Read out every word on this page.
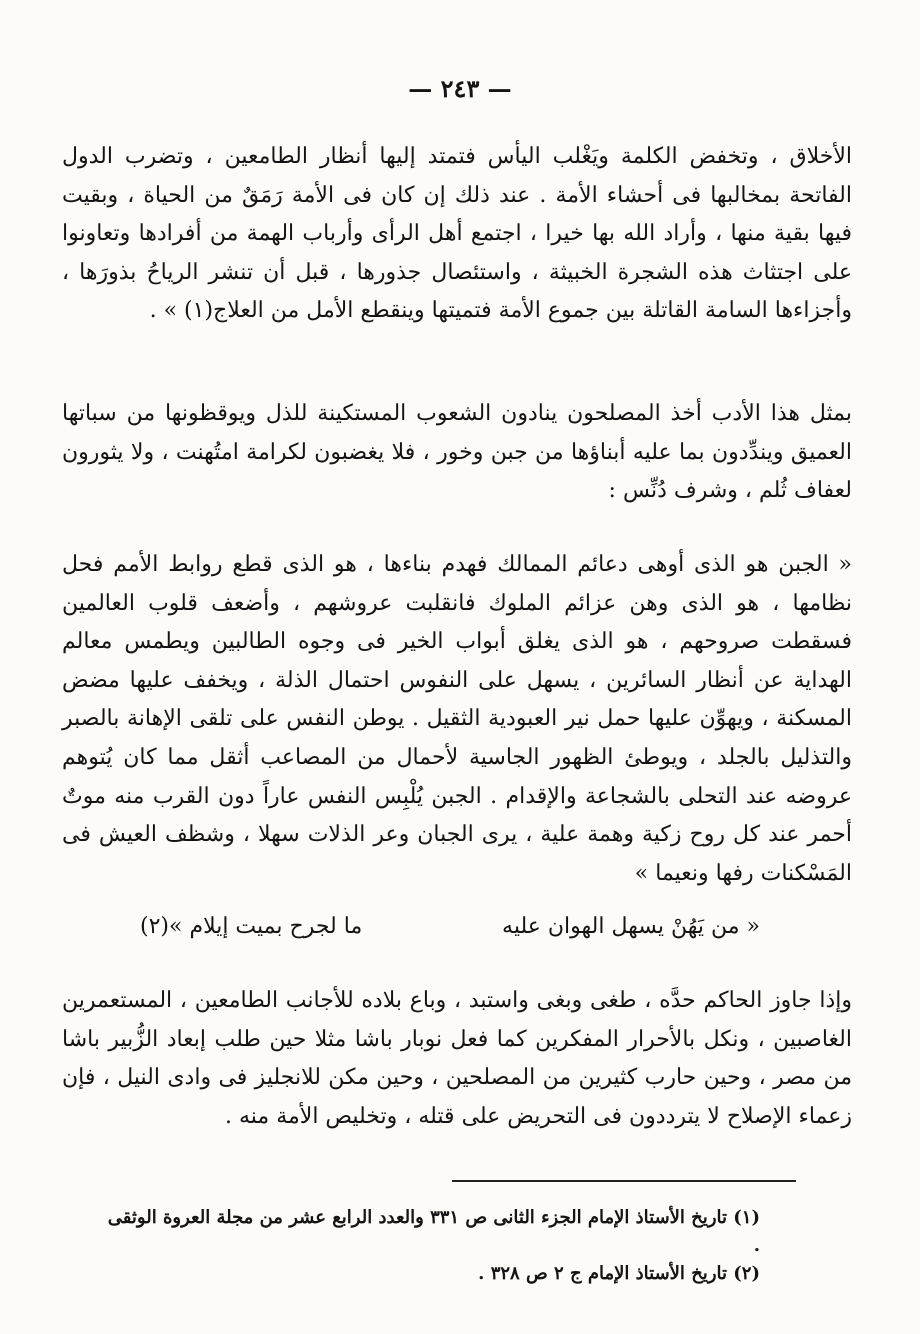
— ٢٤٣ —

الأخلاق ، وتخفض الكلمة ويَغْلب اليأس فتمتد إليها أنظار الطامعين ، وتضرب الدول الفاتحة بمخالبها فى أحشاء الأمة . عند ذلك إن كان فى الأمة رَمَقٌ من الحياة ، وبقيت فيها بقية منها ، وأراد الله بها خيرا ، اجتمع أهل الرأى وأرباب الهمة من أفرادها وتعاونوا على اجتثاث هذه الشجرة الخبيثة ، واستئصال جذورها ، قبل أن تنشر الرياحُ بذورَها ، وأجزاءها السامة القاتلة بين جموع الأمة فتميتها وينقطع الأمل من العلاج(١) » .

بمثل هذا الأدب أخذ المصلحون ينادون الشعوب المستكينة للذل ويوقظونها من سباتها العميق ويندِّدون بما عليه أبناؤها من جبن وخور ، فلا يغضبون لكرامة امتُهنت ، ولا يثورون لعفاف ثُلم ، وشرف دُنِّس :

« الجبن هو الذى أوهى دعائم الممالك فهدم بناءها ، هو الذى قطع روابط الأمم فحل نظامها ، هو الذى وهن عزائم الملوك فانقلبت عروشهم ، وأضعف قلوب العالمين فسقطت صروحهم ، هو الذى يغلق أبواب الخير فى وجوه الطالبين ويطمس معالم الهداية عن أنظار السائرين ، يسهل على النفوس احتمال الذلة ، ويخفف عليها مضض المسكنة ، ويهوِّن عليها حمل نير العبودية الثقيل . يوطن النفس على تلقى الإهانة بالصبر والتذليل بالجلد ، ويوطئ الظهور الجاسية لأحمال من المصاعب أثقل مما كان يُتوهم عروضه عند التحلى بالشجاعة والإقدام . الجبن يُلْبِس النفس عاراً دون القرب منه موتٌ أحمر عند كل روح زكية وهمة علية ، يرى الجبان وعر الذلات سهلا ، وشظف العيش فى المَسْكنات رفها ونعيما »

« من يَهُنْ يسهل الهوان عليه
ما لجرح بميت إيلام »(٢)

وإذا جاوز الحاكم حدَّه ، طغى وبغى واستبد ، وباع بلاده للأجانب الطامعين ، المستعمرين الغاصبين ، ونكل بالأحرار المفكرين كما فعل نوبار باشا مثلا حين طلب إبعاد الزُّبير باشا من مصر ، وحين حارب كثيرين من المصلحين ، وحين مكن للانجليز فى وادى النيل ، فإن زعماء الإصلاح لا يترددون فى التحريض على قتله ، وتخليص الأمة منه .

(١) تاريخ الأستاذ الإمام الجزء الثانى ص ٣٣١ والعدد الرابع عشر من مجلة العروة الوثقى .

(٢) تاريخ الأستاذ الإمام ج ٢ ص ٣٢٨ .
